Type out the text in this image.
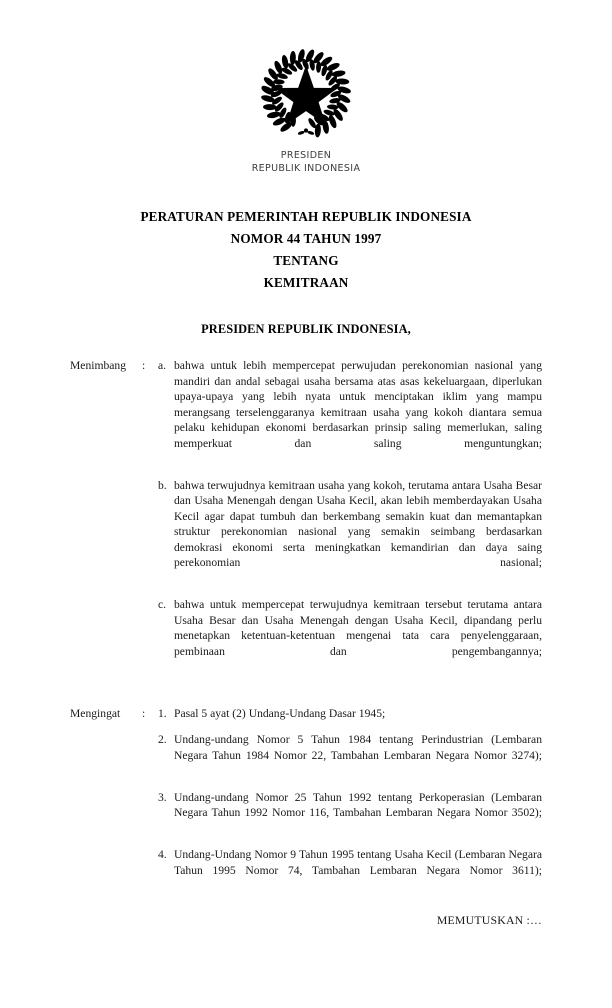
PRESIDEN
REPUBLIK INDONESIA
PERATURAN PEMERINTAH REPUBLIK INDONESIA
NOMOR 44 TAHUN 1997
TENTANG
KEMITRAAN
PRESIDEN REPUBLIK INDONESIA,
Menimbang	:	a. bahwa untuk lebih mempercepat perwujudan perekonomian nasional yang mandiri dan andal sebagai usaha bersama atas asas kekeluargaan, diperlukan upaya-upaya yang lebih nyata untuk menciptakan iklim yang mampu merangsang terselenggaranya kemitraan usaha yang kokoh diantara semua pelaku kehidupan ekonomi berdasarkan prinsip saling memerlukan, saling memperkuat dan saling menguntungkan;
b. bahwa terwujudnya kemitraan usaha yang kokoh, terutama antara Usaha Besar dan Usaha Menengah dengan Usaha Kecil, akan lebih memberdayakan Usaha Kecil agar dapat tumbuh dan berkembang semakin kuat dan memantapkan struktur perekonomian nasional yang semakin seimbang berdasarkan demokrasi ekonomi serta meningkatkan kemandirian dan daya saing perekonomian nasional;
c. bahwa untuk mempercepat terwujudnya kemitraan tersebut terutama antara Usaha Besar dan Usaha Menengah dengan Usaha Kecil, dipandang perlu menetapkan ketentuan-ketentuan mengenai tata cara penyelenggaraan, pembinaan dan pengembangannya;
Mengingat	:	1. Pasal 5 ayat (2) Undang-Undang Dasar 1945;
2. Undang-undang Nomor 5 Tahun 1984 tentang Perindustrian (Lembaran Negara Tahun 1984 Nomor 22, Tambahan Lembaran Negara Nomor 3274);
3. Undang-undang Nomor 25 Tahun 1992 tentang Perkoperasian (Lembaran Negara Tahun 1992 Nomor 116, Tambahan Lembaran Negara Nomor 3502);
4. Undang-Undang Nomor 9 Tahun 1995 tentang Usaha Kecil (Lembaran Negara Tahun 1995 Nomor 74, Tambahan Lembaran Negara Nomor 3611);
MEMUTUSKAN :…
